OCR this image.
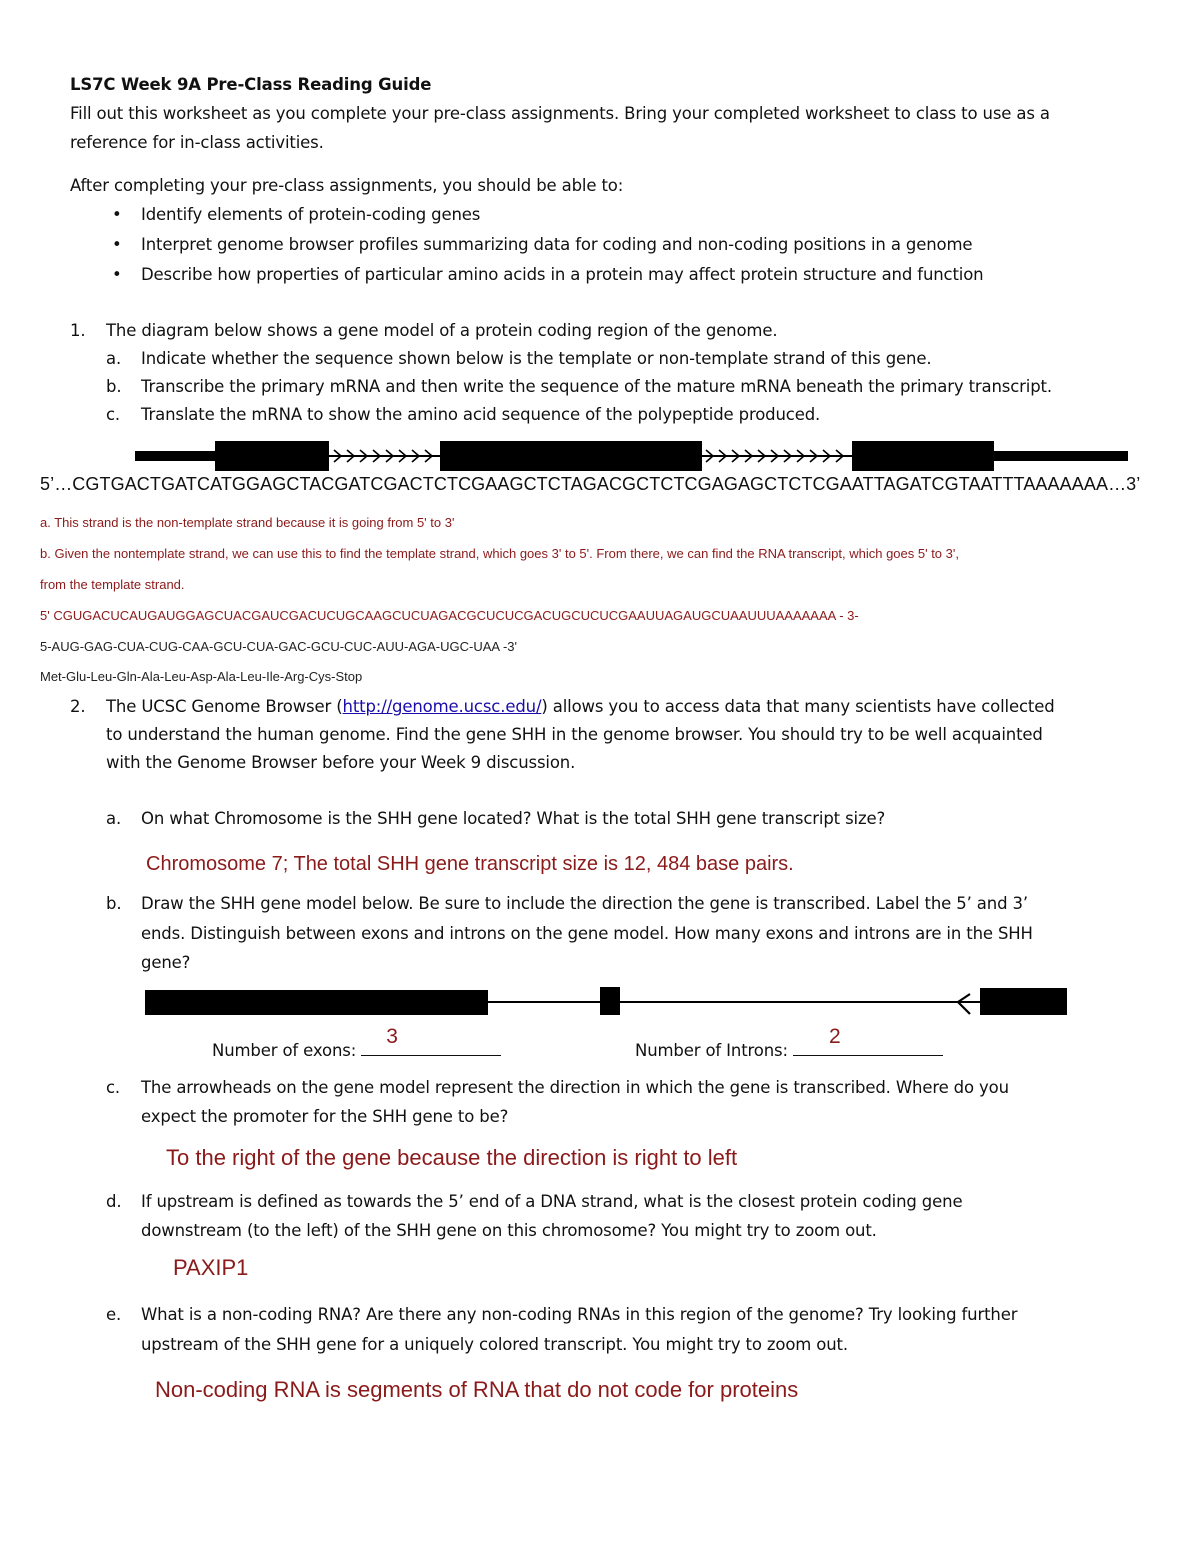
LS7C Week 9A Pre-Class Reading Guide
Fill out this worksheet as you complete your pre-class assignments. Bring your completed worksheet to class to use as a
reference for in-class activities.
After completing your pre-class assignments, you should be able to:
• Identify elements of protein-coding genes
• Interpret genome browser profiles summarizing data for coding and non-coding positions in a genome
• Describe how properties of particular amino acids in a protein may affect protein structure and function
1. The diagram below shows a gene model of a protein coding region of the genome.
a. Indicate whether the sequence shown below is the template or non-template strand of this gene.
b. Transcribe the primary mRNA and then write the sequence of the mature mRNA beneath the primary transcript.
c. Translate the mRNA to show the amino acid sequence of the polypeptide produced.
5’…CGTGACTGATCATGGAGCTACGATCGACTCTCGAAGCTCTAGACGCTCTCGAGAGCTCTCGAATTAGATCGTAATTTAAAAAAA…3’
a. This strand is the non-template strand because it is going from 5' to 3'
b. Given the nontemplate strand, we can use this to find the template strand, which goes 3' to 5'. From there, we can find the RNA transcript, which goes 5' to 3',
from the template strand.
5' CGUGACUCAUGAUGGAGCUACGAUCGACUCUGCAAGCUCUAGACGCUCUCGACUGCUCUCGAAUUAGAUGCUAAUUUAAAAAAA - 3-
5-AUG-GAG-CUA-CUG-CAA-GCU-CUA-GAC-GCU-CUC-AUU-AGA-UGC-UAA -3'
Met-Glu-Leu-Gln-Ala-Leu-Asp-Ala-Leu-Ile-Arg-Cys-Stop
2. The UCSC Genome Browser (http://genome.ucsc.edu/) allows you to access data that many scientists have collected
to understand the human genome. Find the gene SHH in the genome browser. You should try to be well acquainted
with the Genome Browser before your Week 9 discussion.
a. On what Chromosome is the SHH gene located? What is the total SHH gene transcript size?
Chromosome 7; The total SHH gene transcript size is 12, 484 base pairs.
b. Draw the SHH gene model below. Be sure to include the direction the gene is transcribed. Label the 5’ and 3’
ends. Distinguish between exons and introns on the gene model. How many exons and introns are in the SHH
gene?
Number of exons:
3
Number of Introns:
2
c. The arrowheads on the gene model represent the direction in which the gene is transcribed. Where do you
expect the promoter for the SHH gene to be?
To the right of the gene because the direction is right to left
d. If upstream is defined as towards the 5’ end of a DNA strand, what is the closest protein coding gene
downstream (to the left) of the SHH gene on this chromosome? You might try to zoom out.
PAXIP1
e. What is a non-coding RNA? Are there any non-coding RNAs in this region of the genome? Try looking further
upstream of the SHH gene for a uniquely colored transcript. You might try to zoom out.
Non-coding RNA is segments of RNA that do not code for proteins
